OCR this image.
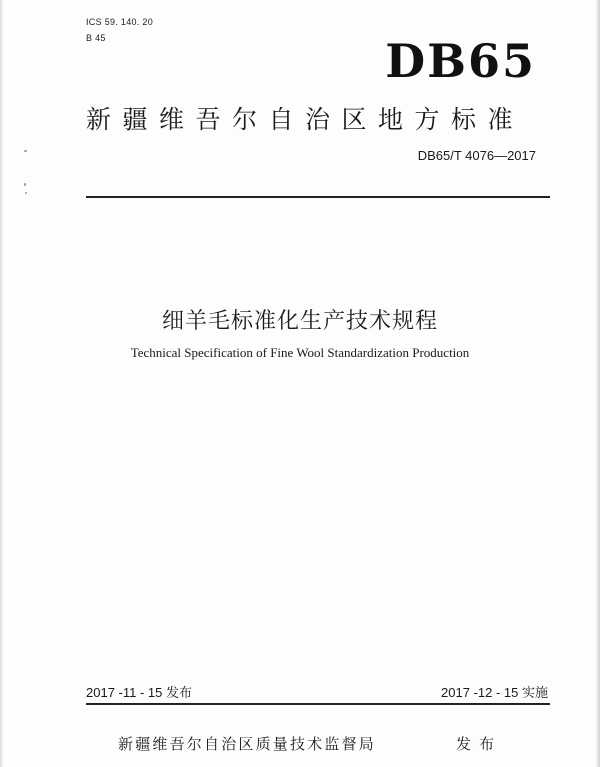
ICS 59. 140. 20
B 45	DB65
新疆维吾尔自治区地方标准
DB65/T 4076—2017
细羊毛标准化生产技术规程
Technical Specification of Fine Wool Standardization Production
2017 -11 - 15 发布	2017 -12 - 15 实施
新疆维吾尔自治区质量技术监督局	发布
